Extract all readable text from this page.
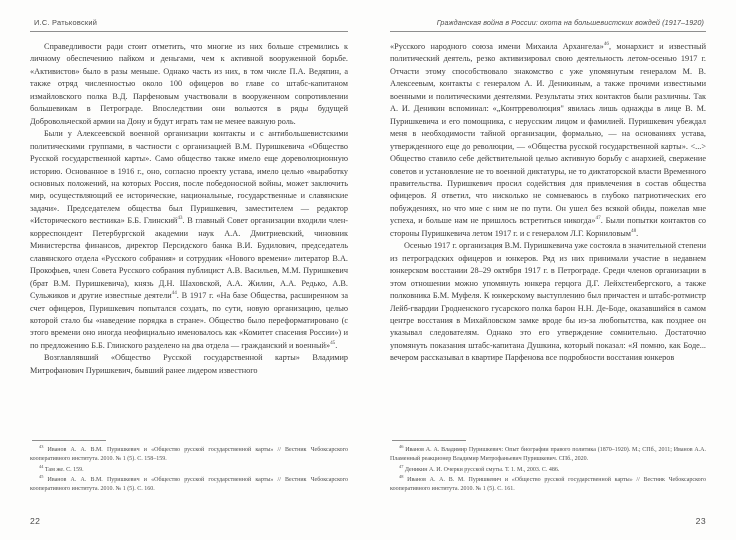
И.С. Ратьковский

Справедливости ради стоит отметить, что многие из них больше стремились к личному обеспечению пайком и деньгами, чем к активной вооруженной борьбе. «Активистов» было в разы меньше. Однако часть из них, в том числе П.А. Ведяпин, а также отряд численностью около 100 офицеров во главе со штабс-капитаном измайловского полка В.Д. Парфеновым участвовали в вооруженном сопротивлении большевикам в Петрограде. Впоследствии они вольются в ряды будущей Добровольческой армии на Дону и будут играть там не менее важную роль.

Были у Алексеевской военной организации контакты и с антибольшевистскими политическими группами, в частности с организацией В.М. Пуришкевича «Общество Русской государственной карты». Само общество также имело еще дореволюционную историю. Основанное в 1916 г., оно, согласно проекту устава, имело целью «выработку основных положений, на которых Россия, после победоносной войны, может заключить мир, осуществляющий ее исторические, национальные, государственные и славянские задачи». Председателем общества был Пуришкевич, заместителем — редактор «Исторического вестника» Б.Б. Глинский$^{43}$. В главный Совет организации входили член-корреспондент Петербургской академии наук А.А. Дмитриевский, чиновник Министерства финансов, директор Персидского банка В.И. Будилович, председатель славянского отдела «Русского собрания» и сотрудник «Нового времени» литератор В.А. Прокофьев, член Совета Русского собрания публицист А.В. Васильев, М.М. Пуришкевич (брат В.М. Пуришкевича), князь Д.Н. Шаховской, А.А. Жилин, А.А. Редько, А.В. Сульжиков и другие известные деятели$^{44}$. В 1917 г. «На базе Общества, расширенном за счет офицеров, Пуришкевич попытался создать, по сути, новую организацию, целью которой стало бы «наведение порядка в стране». Общество было переформатировано (с этого времени оно иногда неофициально именовалось как «Комитет спасения России») и по предложению Б.Б. Глинского разделено на два отдела — гражданский и военный»$^{45}$.

Возглавлявший «Общество Русской государственной карты» Владимир Митрофанович Пуришкевич, бывший ранее лидером известного

$^{43}$ Иванов А. А. В.М. Пуришкевич и «Общество русской государственной карты» // Вестник Чебоксарского кооперативного института. 2010. № 1 (5). С. 158–159.

$^{44}$ Там же. С. 159.

$^{45}$ Иванов А. А. В.М. Пуришкевич и «Общество русской государственной карты» // Вестник Чебоксарского кооперативного института. 2010. № 1 (5). С. 160.

22
Гражданская война в России: охота на большевистских вождей (1917–1920)

«Русского народного союза имени Михаила Архангела»$^{46}$, монархист и известный политический деятель, резко активизировал свою деятельность летом-осенью 1917 г. Отчасти этому способствовало знакомство с уже упомянутым генералом М. В. Алексеевым, контакты с генералом А. И. Деникиным, а также прочими известными военными и политическими деятелями. Результаты этих контактов были различны. Так А. И. Деникин вспоминал: «„Контрреволюция" явилась лишь однажды в лице В. М. Пуришкевича и его помощника, с нерусским лицом и фамилией. Пуришкевич убеждал меня в необходимости тайной организации, формально, — на основаниях устава, утвержденного еще до революции, — «Общества русской государственной карты». <...> Общество ставило себе действительной целью активную борьбу с анархией, свержение советов и установление не то военной диктатуры, не то диктаторской власти Временного правительства. Пуришкевич просил содействия для привлечения в состав общества офицеров. Я ответил, что нисколько не сомневаюсь в глубоко патриотических его побуждениях, но что мне с ним не по пути. Он ушел без всякой обиды, пожелав мне успеха, и больше нам не пришлось встретиться никогда»$^{47}$. Были попытки контактов со стороны Пуришкевича летом 1917 г. и с генералом Л.Г. Корниловым$^{48}$.

Осенью 1917 г. организация В.М. Пуришкевича уже состояла в значительной степени из петроградских офицеров и юнкеров. Ряд из них принимали участие в недавнем юнкерском восстании 28–29 октября 1917 г. в Петрограде. Среди членов организации в этом отношении можно упомянуть юнкера герцога Д.Г. Лейхстенбергского, а также полковника Б.М. Муфеля. К юнкерскому выступлению был причастен и штабс-ротмистр Лейб-гвардии Гродненского гусарского полка барон Н.Н. Де-Боде, оказавшийся в самом центре восстания в Михайловском замке вроде бы из-за любопытства, как позднее он указывал следователям. Однако это его утверждение сомнительно. Достаточно упомянуть показания штабс-капитана Душкина, который показал: «Я помню, как Боде... вечером рассказывал в квартире Парфенова все подробности восстания юнкеров

$^{46}$ Иванов А. А. Владимир Пуришкевич: Опыт биографии правого политика (1870–1920). М.; СПб., 2011; Иванов А.А. Пламенный реакционер Владимир Митрофаньевич Пуришкевич. СПб., 2020.

$^{47}$ Деникин А. И. Очерки русской смуты. Т. 1. М., 2003. С. 486.

$^{48}$ Иванов А. А. В. М. Пуришкевич и «Общество русской государственной карты» // Вестник Чебоксарского кооперативного института. 2010. № 1 (5). С. 161.

23
